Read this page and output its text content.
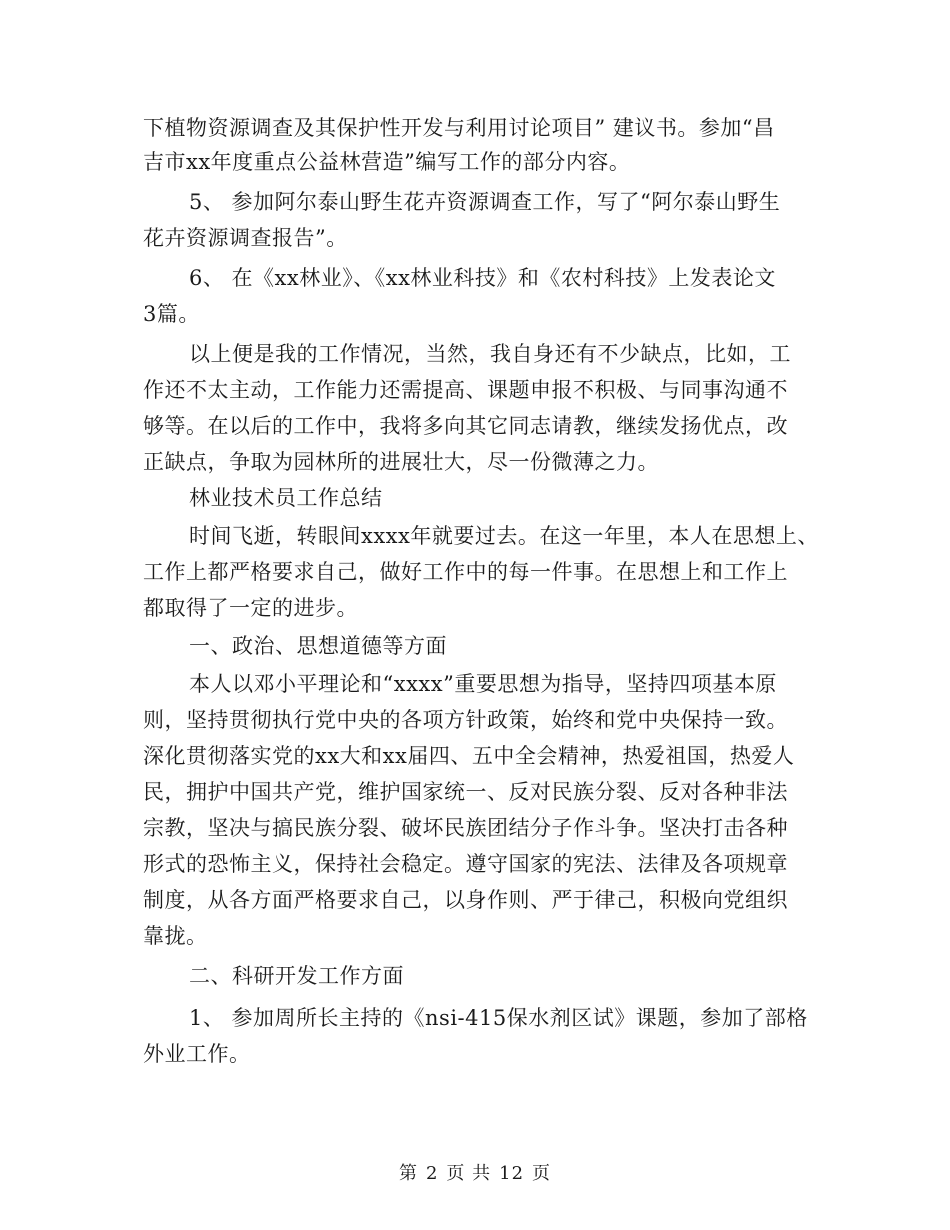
下植物资源调查及其保护性开发与利用讨论项目” 建议书。参加“昌
吉市xx年度重点公益林营造”编写工作的部分内容。
5、 参加阿尔泰山野生花卉资源调查工作，写了“阿尔泰山野生
花卉资源调查报告”。
6、 在《xx林业》、《xx林业科技》和《农村科技》上发表论文
3篇。
以上便是我的工作情况，当然，我自身还有不少缺点，比如，工
作还不太主动，工作能力还需提高、课题申报不积极、与同事沟通不
够等。在以后的工作中，我将多向其它同志请教，继续发扬优点，改
正缺点，争取为园林所的进展壮大，尽一份微薄之力。
林业技术员工作总结
时间飞逝，转眼间xxxx年就要过去。在这一年里，本人在思想上、
工作上都严格要求自己，做好工作中的每一件事。在思想上和工作上
都取得了一定的进步。
一、政治、思想道德等方面
本人以邓小平理论和“xxxx”重要思想为指导，坚持四项基本原
则，坚持贯彻执行党中央的各项方针政策，始终和党中央保持一致。
深化贯彻落实党的xx大和xx届四、五中全会精神，热爱祖国，热爱人
民，拥护中国共产党，维护国家统一、反对民族分裂、反对各种非法
宗教，坚决与搞民族分裂、破坏民族团结分子作斗争。坚决打击各种
形式的恐怖主义，保持社会稳定。遵守国家的宪法、法律及各项规章
制度，从各方面严格要求自己，以身作则、严于律己，积极向党组织
靠拢。
二、科研开发工作方面
1、 参加周所长主持的《nsi-415保水剂区试》课题，参加了部格
外业工作。
第 2 页 共 12 页
